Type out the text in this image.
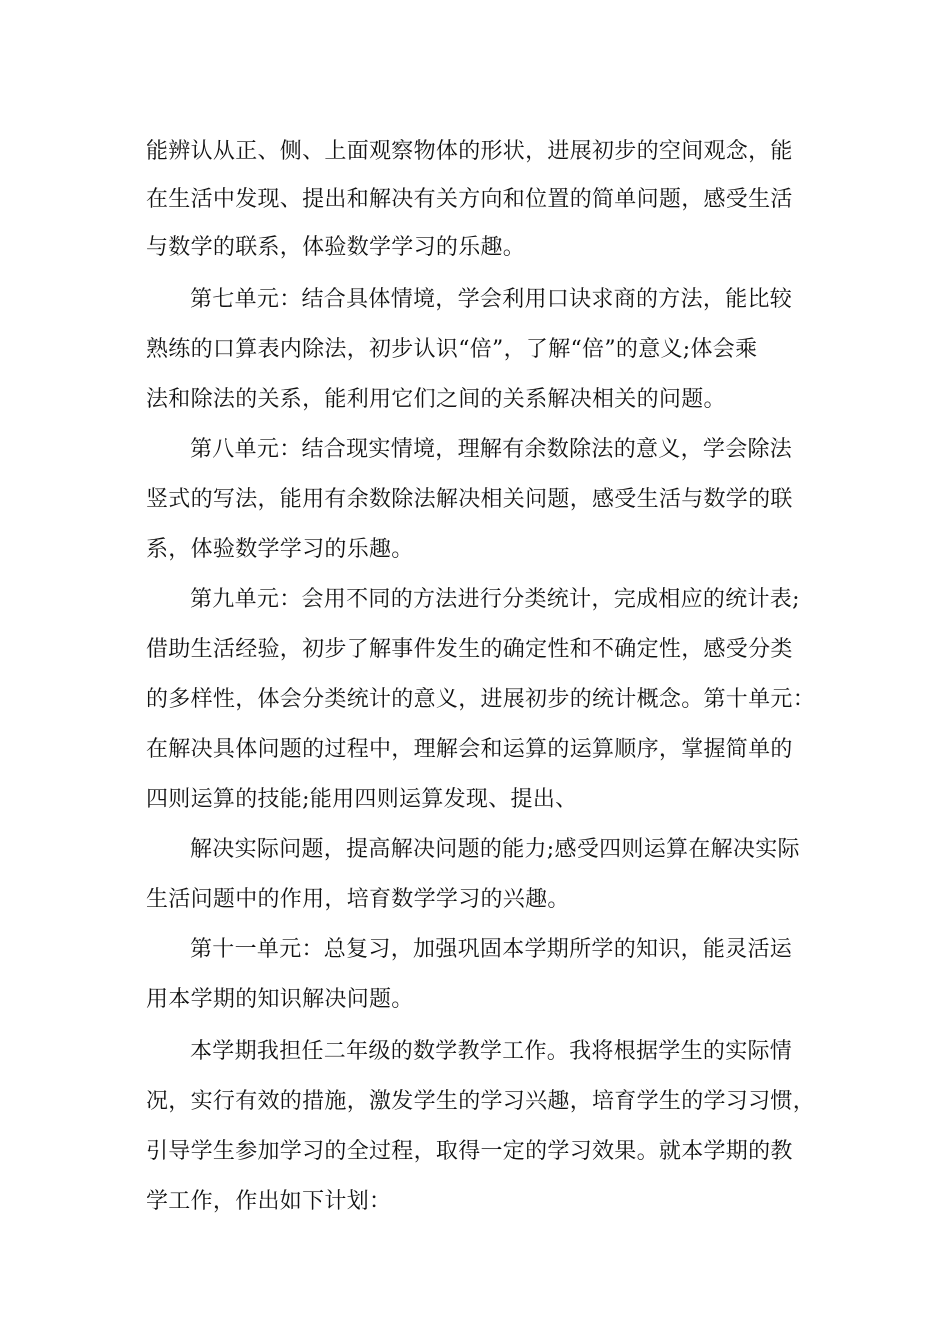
能辨认从正、侧、上面观察物体的形状，进展初步的空间观念，能
在生活中发现、提出和解决有关方向和位置的简单问题，感受生活
与数学的联系，体验数学学习的乐趣。
第七单元：结合具体情境，学会利用口诀求商的方法，能比较
熟练的口算表内除法，初步认识“倍”，了解“倍”的意义;体会乘
法和除法的关系，能利用它们之间的关系解决相关的问题。
第八单元：结合现实情境，理解有余数除法的意义，学会除法
竖式的写法，能用有余数除法解决相关问题，感受生活与数学的联
系，体验数学学习的乐趣。
第九单元：会用不同的方法进行分类统计，完成相应的统计表;
借助生活经验，初步了解事件发生的确定性和不确定性，感受分类
的多样性，体会分类统计的意义，进展初步的统计概念。第十单元：
在解决具体问题的过程中，理解会和运算的运算顺序，掌握简单的
四则运算的技能;能用四则运算发现、提出、
解决实际问题，提高解决问题的能力;感受四则运算在解决实际
生活问题中的作用，培育数学学习的兴趣。
第十一单元：总复习，加强巩固本学期所学的知识，能灵活运
用本学期的知识解决问题。
本学期我担任二年级的数学教学工作。我将根据学生的实际情
况，实行有效的措施，激发学生的学习兴趣，培育学生的学习习惯，
引导学生参加学习的全过程，取得一定的学习效果。就本学期的教
学工作，作出如下计划：
